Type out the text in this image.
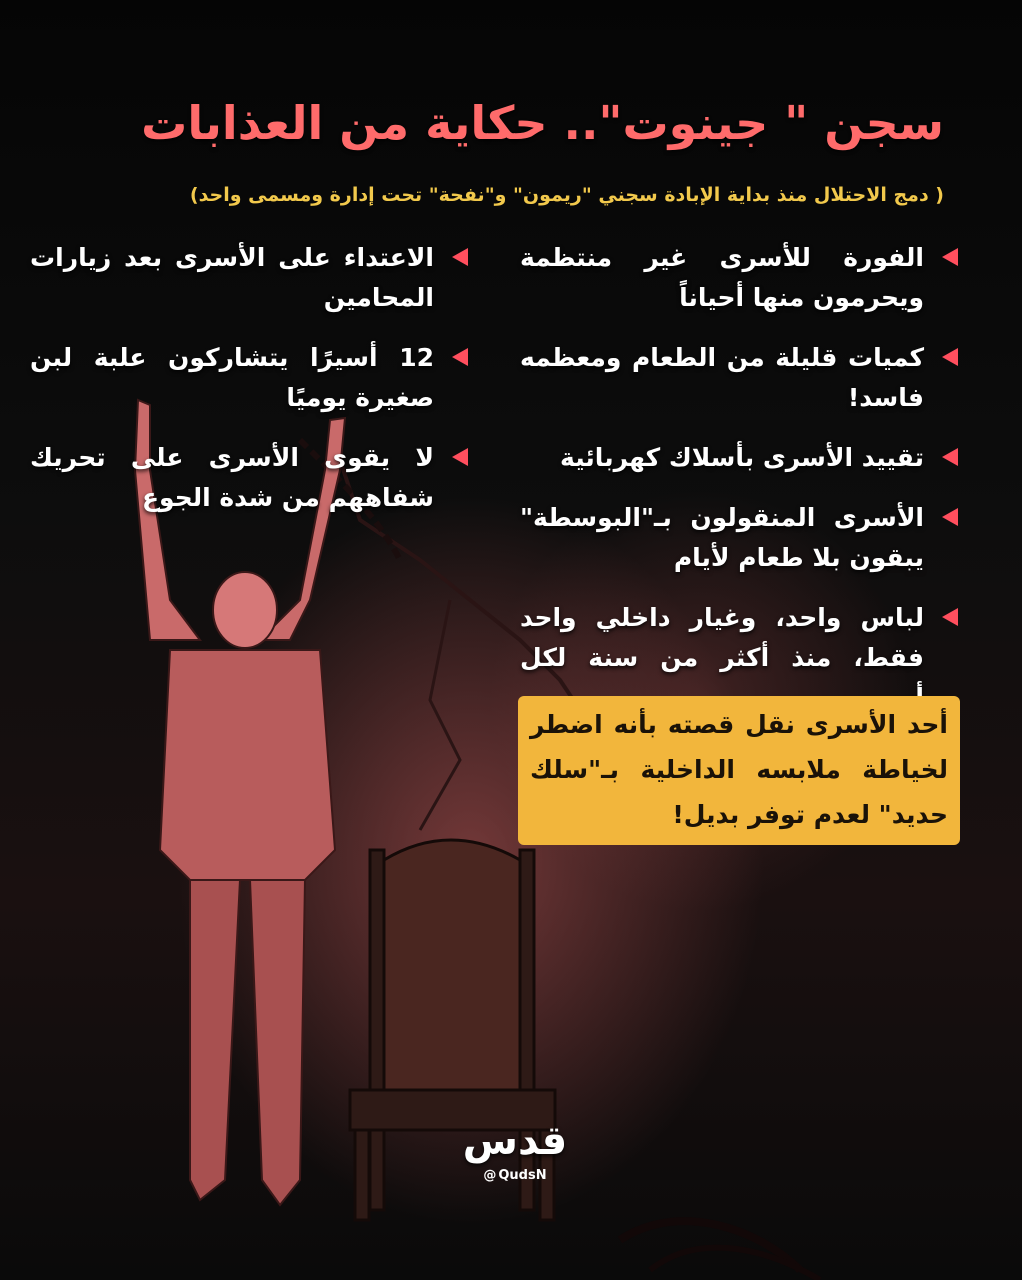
سجن " جينوت".. حكاية من العذابات
( دمج الاحتلال منذ بداية الإبادة سجني "ريمون" و"نفحة" تحت إدارة ومسمى واحد)
الفورة للأسرى غير منتظمة ويحرمون منها أحياناً
كميات قليلة من الطعام ومعظمه فاسد!
تقييد الأسرى بأسلاك كهربائية
الأسرى المنقولون بـ"البوسطة" يبقون بلا طعام لأيام
لباس واحد، وغيار داخلي واحد فقط، منذ أكثر من سنة لكل
الاعتداء على الأسرى بعد زيارات المحامين
12 أسيرًا يتشاركون علبة لبن صغيرة يوميًا
لا يقوى الأسرى على تحريك شفاههم من شدة الجوع
أحد الأسرى نقل قصته بأنه اضطر لخياطة ملابسه الداخلية بـ"سلك حديد" لعدم توفر بديل!
قدس
@ QudsN
